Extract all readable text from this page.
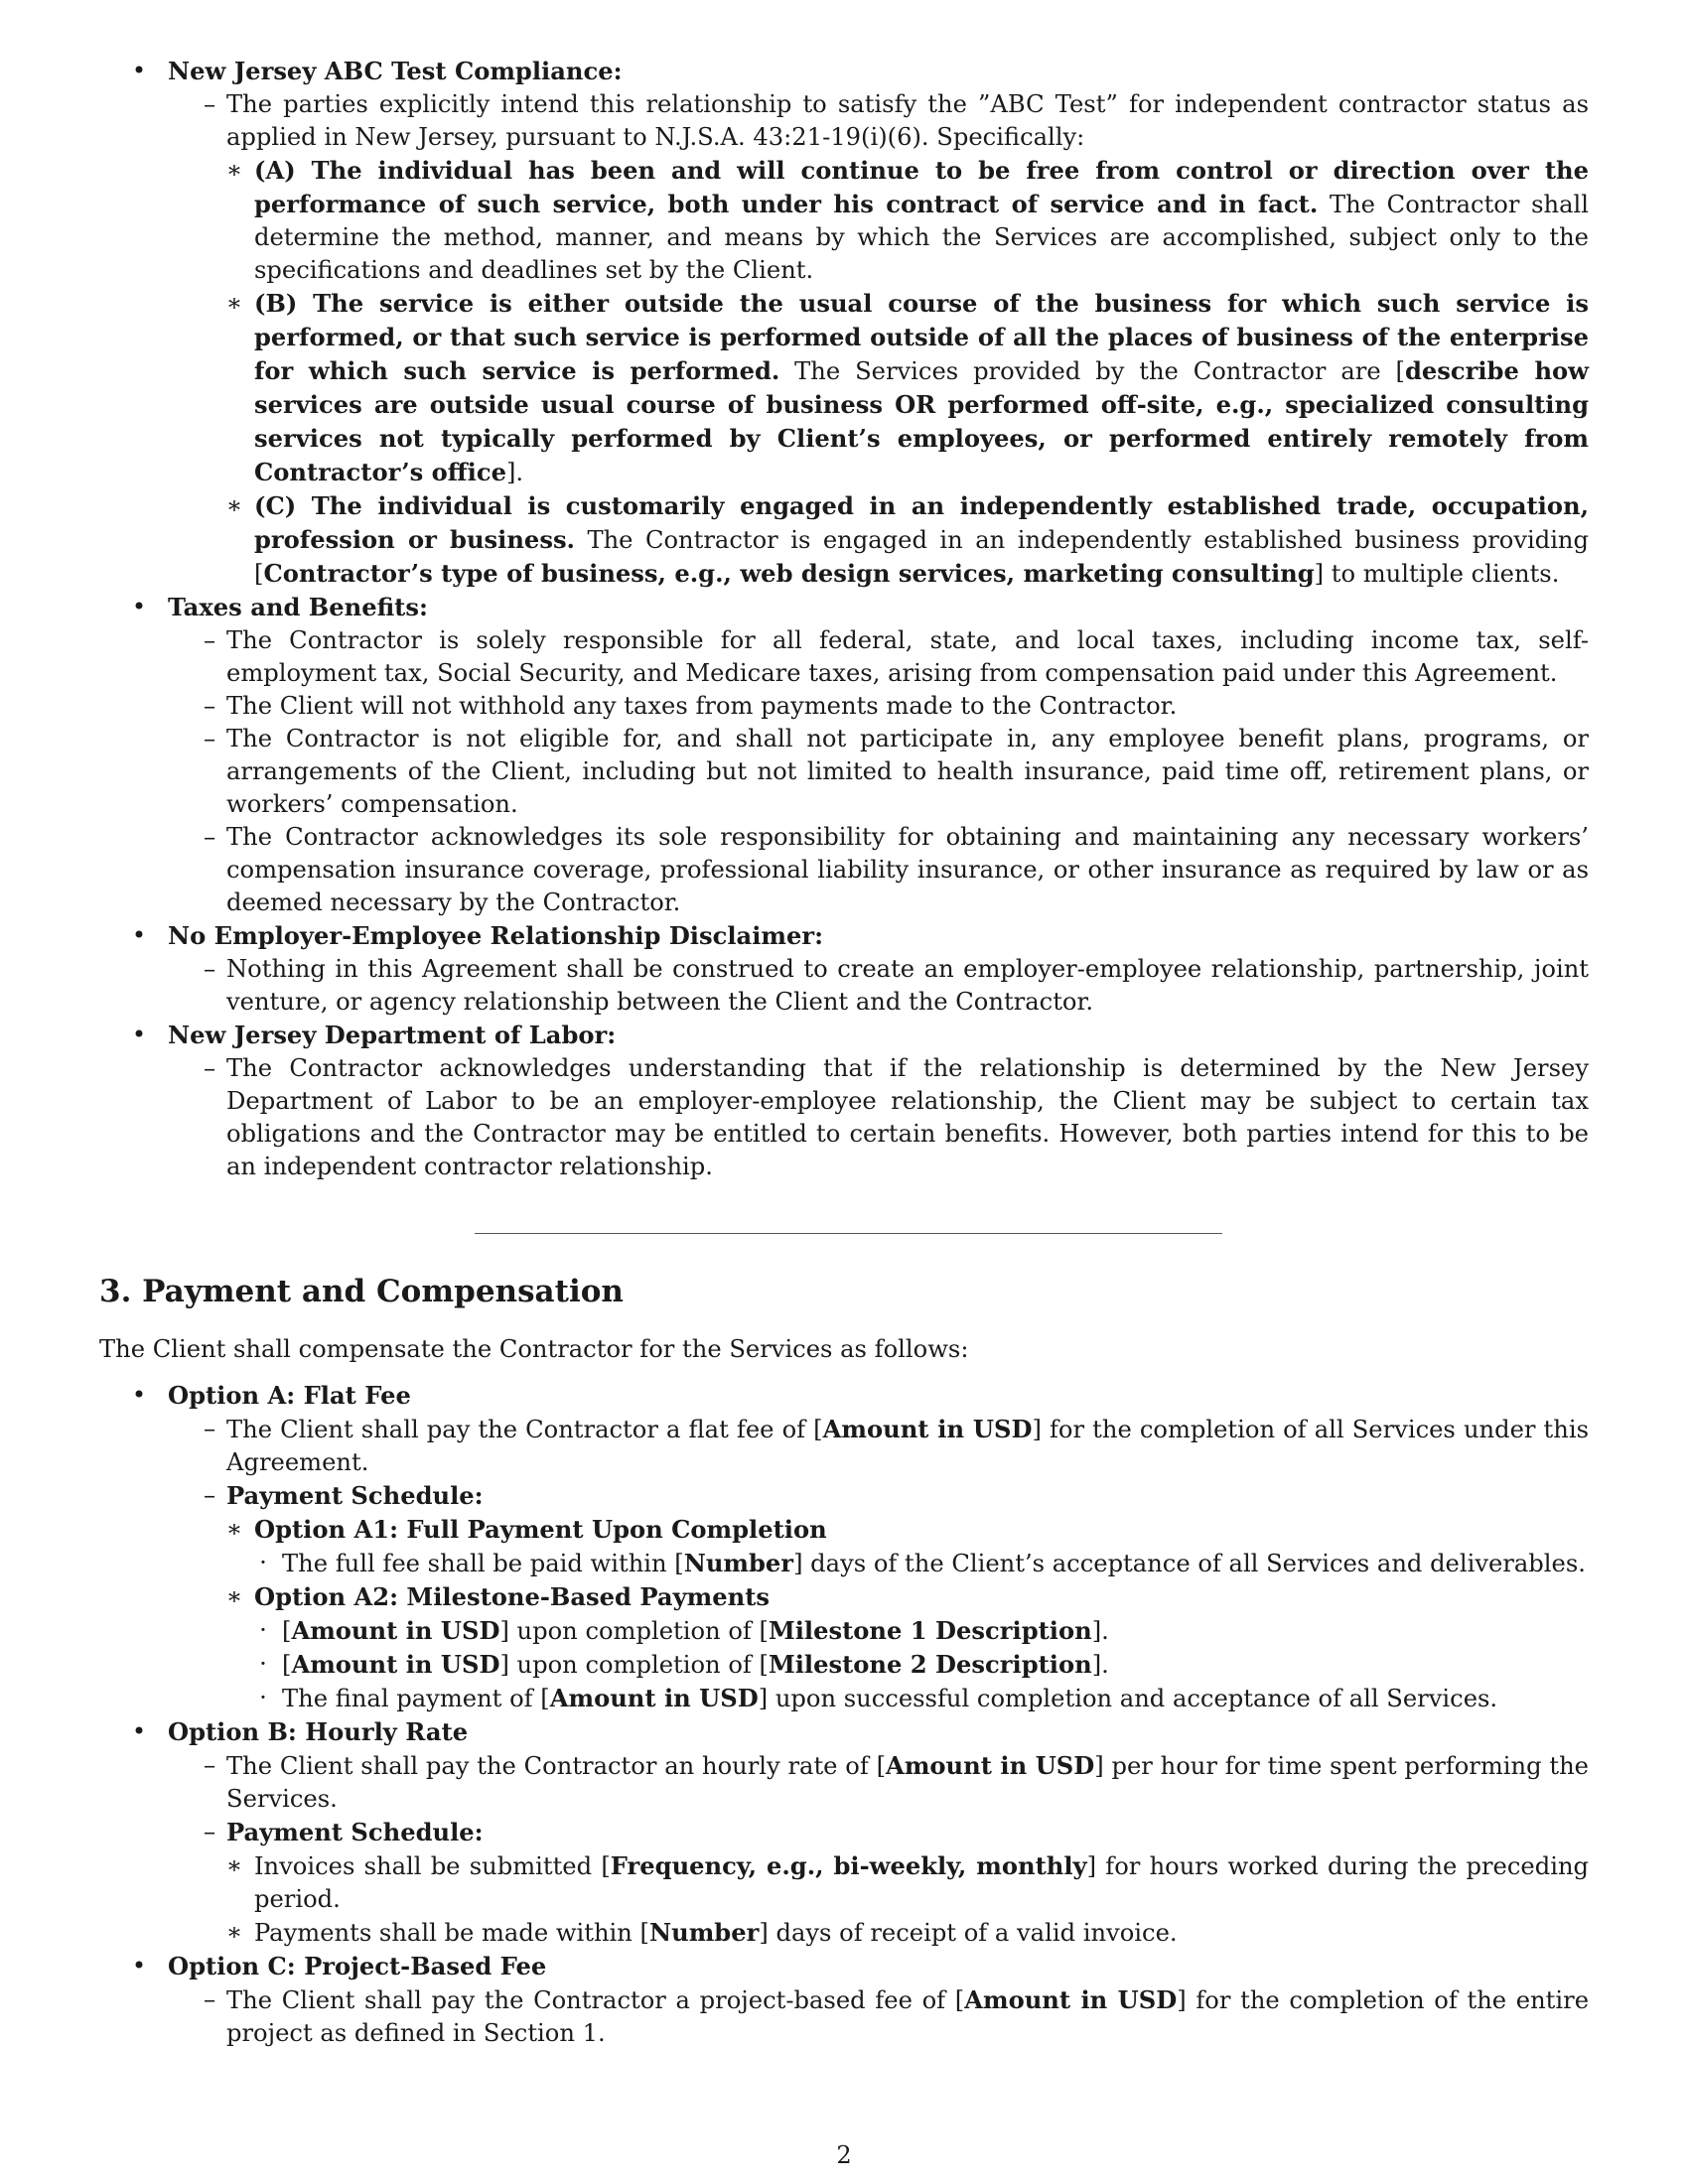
• New Jersey ABC Test Compliance:
– The parties explicitly intend this relationship to satisfy the ”ABC Test” for independent contractor status as applied in New Jersey, pursuant to N.J.S.A. 43:21-19(i)(6). Specifically:
∗ (A) The individual has been and will continue to be free from control or direction over the performance of such service, both under his contract of service and in fact. The Contractor shall determine the method, manner, and means by which the Services are accomplished, subject only to the specifications and deadlines set by the Client.
∗ (B) The service is either outside the usual course of the business for which such service is performed, or that such service is performed outside of all the places of business of the enterprise for which such service is performed. The Services provided by the Contractor are [describe how services are outside usual course of business OR performed off-site, e.g., specialized consulting services not typically performed by Client’s employees, or performed entirely remotely from Contractor’s office].
∗ (C) The individual is customarily engaged in an independently established trade, occupation, profession or business. The Contractor is engaged in an independently established business providing [Contractor’s type of business, e.g., web design services, marketing consulting] to multiple clients.
• Taxes and Benefits:
– The Contractor is solely responsible for all federal, state, and local taxes, including income tax, self-employment tax, Social Security, and Medicare taxes, arising from compensation paid under this Agreement.
– The Client will not withhold any taxes from payments made to the Contractor.
– The Contractor is not eligible for, and shall not participate in, any employee benefit plans, programs, or arrangements of the Client, including but not limited to health insurance, paid time off, retirement plans, or workers’ compensation.
– The Contractor acknowledges its sole responsibility for obtaining and maintaining any necessary workers’ compensation insurance coverage, professional liability insurance, or other insurance as required by law or as deemed necessary by the Contractor.
• No Employer-Employee Relationship Disclaimer:
– Nothing in this Agreement shall be construed to create an employer-employee relationship, partnership, joint venture, or agency relationship between the Client and the Contractor.
• New Jersey Department of Labor:
– The Contractor acknowledges understanding that if the relationship is determined by the New Jersey Department of Labor to be an employer-employee relationship, the Client may be subject to certain tax obligations and the Contractor may be entitled to certain benefits. However, both parties intend for this to be an independent contractor relationship.
3. Payment and Compensation
The Client shall compensate the Contractor for the Services as follows:
• Option A: Flat Fee
– The Client shall pay the Contractor a flat fee of [Amount in USD] for the completion of all Services under this Agreement.
– Payment Schedule:
∗ Option A1: Full Payment Upon Completion
· The full fee shall be paid within [Number] days of the Client’s acceptance of all Services and deliverables.
∗ Option A2: Milestone-Based Payments
· [Amount in USD] upon completion of [Milestone 1 Description].
· [Amount in USD] upon completion of [Milestone 2 Description].
· The final payment of [Amount in USD] upon successful completion and acceptance of all Services.
• Option B: Hourly Rate
– The Client shall pay the Contractor an hourly rate of [Amount in USD] per hour for time spent performing the Services.
– Payment Schedule:
∗ Invoices shall be submitted [Frequency, e.g., bi-weekly, monthly] for hours worked during the preceding period.
∗ Payments shall be made within [Number] days of receipt of a valid invoice.
• Option C: Project-Based Fee
– The Client shall pay the Contractor a project-based fee of [Amount in USD] for the completion of the entire project as defined in Section 1.
2
